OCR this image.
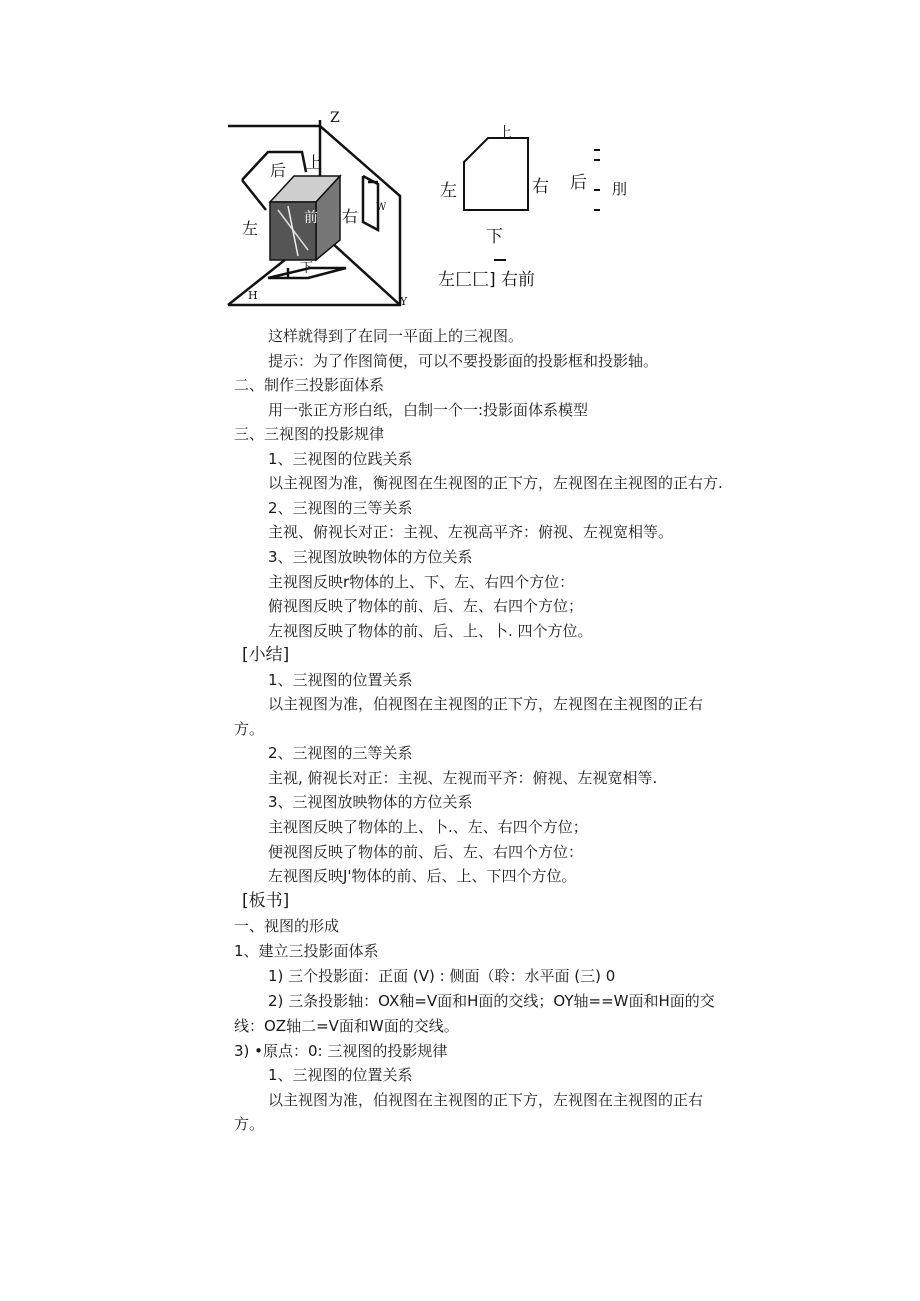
Z
W
H	Y
后 上
左
右
前
下
上
左	右
下
后 刖
左匚匚] 右前
这样就得到了在同一平面上的三视图。
提示：为了作图简便，可以不要投影面的投影框和投影轴。
二、制作三投影面体系
用一张正方形白纸，白制一个一:投影面体系模型
三、三视图的投影规律
1、三视图的位践关系
以主视图为准，衡视图在生视图的正下方，左视图在主视图的正右方.
2、三视图的三等关系
主视、俯视长对正：主视、左视高平齐：俯视、左视宽相等。
3、三视图放映物体的方位关系
主视图反映r物体的上、下、左、右四个方位：
俯视图反映了物体的前、后、左、右四个方位；
左视图反映了物体的前、后、上、卜. 四个方位。
[小结]
1、三视图的位置关系
以主视图为准，伯视图在主视图的正下方，左视图在主视图的正右
方。
2、三视图的三等关系
主视, 俯视长对正：主视、左视而平齐：俯视、左视宽相等.
3、三视图放映物体的方位关系
主视图反映了物体的上、卜.、左、右四个方位；
便视图反映了物体的前、后、左、右四个方位：
左视图反映J'物体的前、后、上、下四个方位。
[板书]
一、视图的形成
1、建立三投影面体系
1) 三个投影面：正面 (V) : 侧面（聆：水平面 (三) 0
2) 三条投影轴：OX釉=V面和H面的交线；OY轴==W面和H面的交
线：OZ轴二=V面和W面的交线。
3) •原点：0: 三视图的投影规律
1、三视图的位置关系
以主视图为准，伯视图在主视图的正下方，左视图在主视图的正右
方。
